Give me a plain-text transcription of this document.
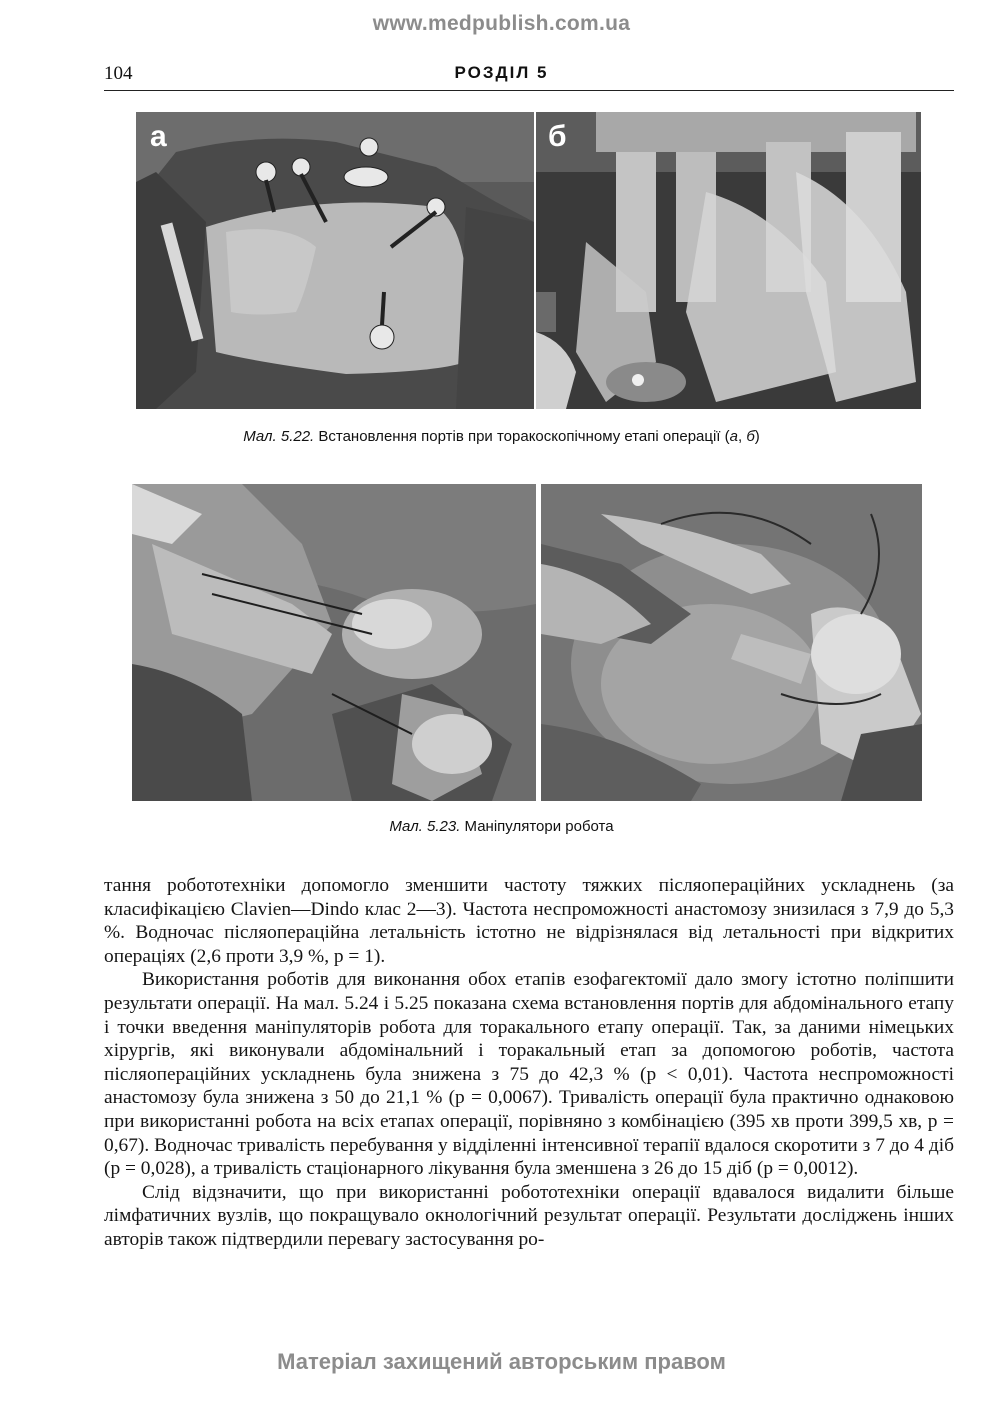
www.medpublish.com.ua
104	РОЗДІЛ 5
а	б
Мал. 5.22. Встановлення портів при торакоскопічному етапі операції (а, б)
Мал. 5.23. Маніпулятори робота

тання робототехніки допомогло зменшити частоту тяжких післяопераційних ускладнень (за класифікацією Clavien—Dindo клас 2—3). Частота неспроможності анастомозу знизилася з 7,9 до 5,3 %. Водночас післяопераційна летальність істотно не відрізнялася від летальності при відкритих операціях (2,6 проти 3,9 %, р = 1).

Використання роботів для виконання обох етапів езофагектомії дало змогу істотно поліпшити результати операції. На мал. 5.24 і 5.25 показана схема встановлення портів для абдомінального етапу і точки введення маніпуляторів робота для торакального етапу операції. Так, за даними німецьких хірургів, які виконували абдомінальний і торакальный етап за допомогою роботів, частота післяопераційних ускладнень була знижена з 75 до 42,3 % (р < 0,01). Частота неспроможності анастомозу була знижена з 50 до 21,1 % (р = 0,0067). Тривалість операції була практично однаковою при використанні робота на всіх етапах операції, порівняно з комбінацією (395 хв проти 399,5 хв, р = 0,67). Водночас тривалість перебування у відділенні інтенсивної терапії вдалося скоротити з 7 до 4 діб (р = 0,028), а тривалість стаціонарного лікування була зменшена з 26 до 15 діб (р = 0,0012).

Слід відзначити, що при використанні робототехніки операції вдавалося видалити більше лімфатичних вузлів, що покращувало окнологічний результат операції. Результати досліджень інших авторів також підтвердили перевагу застосування ро-

Матеріал захищений авторським правом
